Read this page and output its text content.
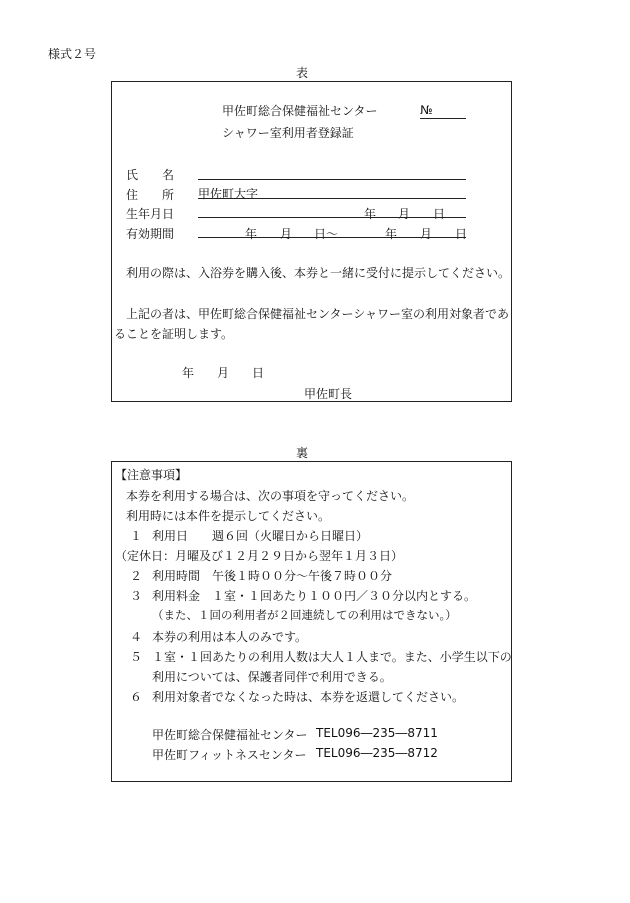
様式２号
表
甲佐町総合保健福祉センター
シャワー室利用者登録証
№
氏 名
住 所 甲佐町大字
生年月日	年 月 日
有効期間	年 月 日～	年 月 日
利用の際は、入浴券を購入後、本券と一緒に受付に提示してください。
上記の者は、甲佐町総合保健福祉センターシャワー室の利用対象者であ
ることを証明します。
年 月 日
甲佐町長
裏
【注意事項】
本券を利用する場合は、次の事項を守ってください。
利用時には本件を提示してください。
１ 利用日　　週６回（火曜日から日曜日）
（定休日：月曜及び１２月２９日から翌年１月３日）
２ 利用時間　午後１時００分～午後７時００分
３ 利用料金　１室・１回あたり１００円／３０分以内とする。
（また、１回の利用者が２回連続しての利用はできない。）
４ 本券の利用は本人のみです。
５ １室・１回あたりの利用人数は大人１人まで。また、小学生以下の
利用については、保護者同伴で利用できる。
６ 利用対象者でなくなった時は、本券を返還してください。
甲佐町総合保健福祉センター TEL096―235―8711
甲佐町フィットネスセンター TEL096―235―8712
